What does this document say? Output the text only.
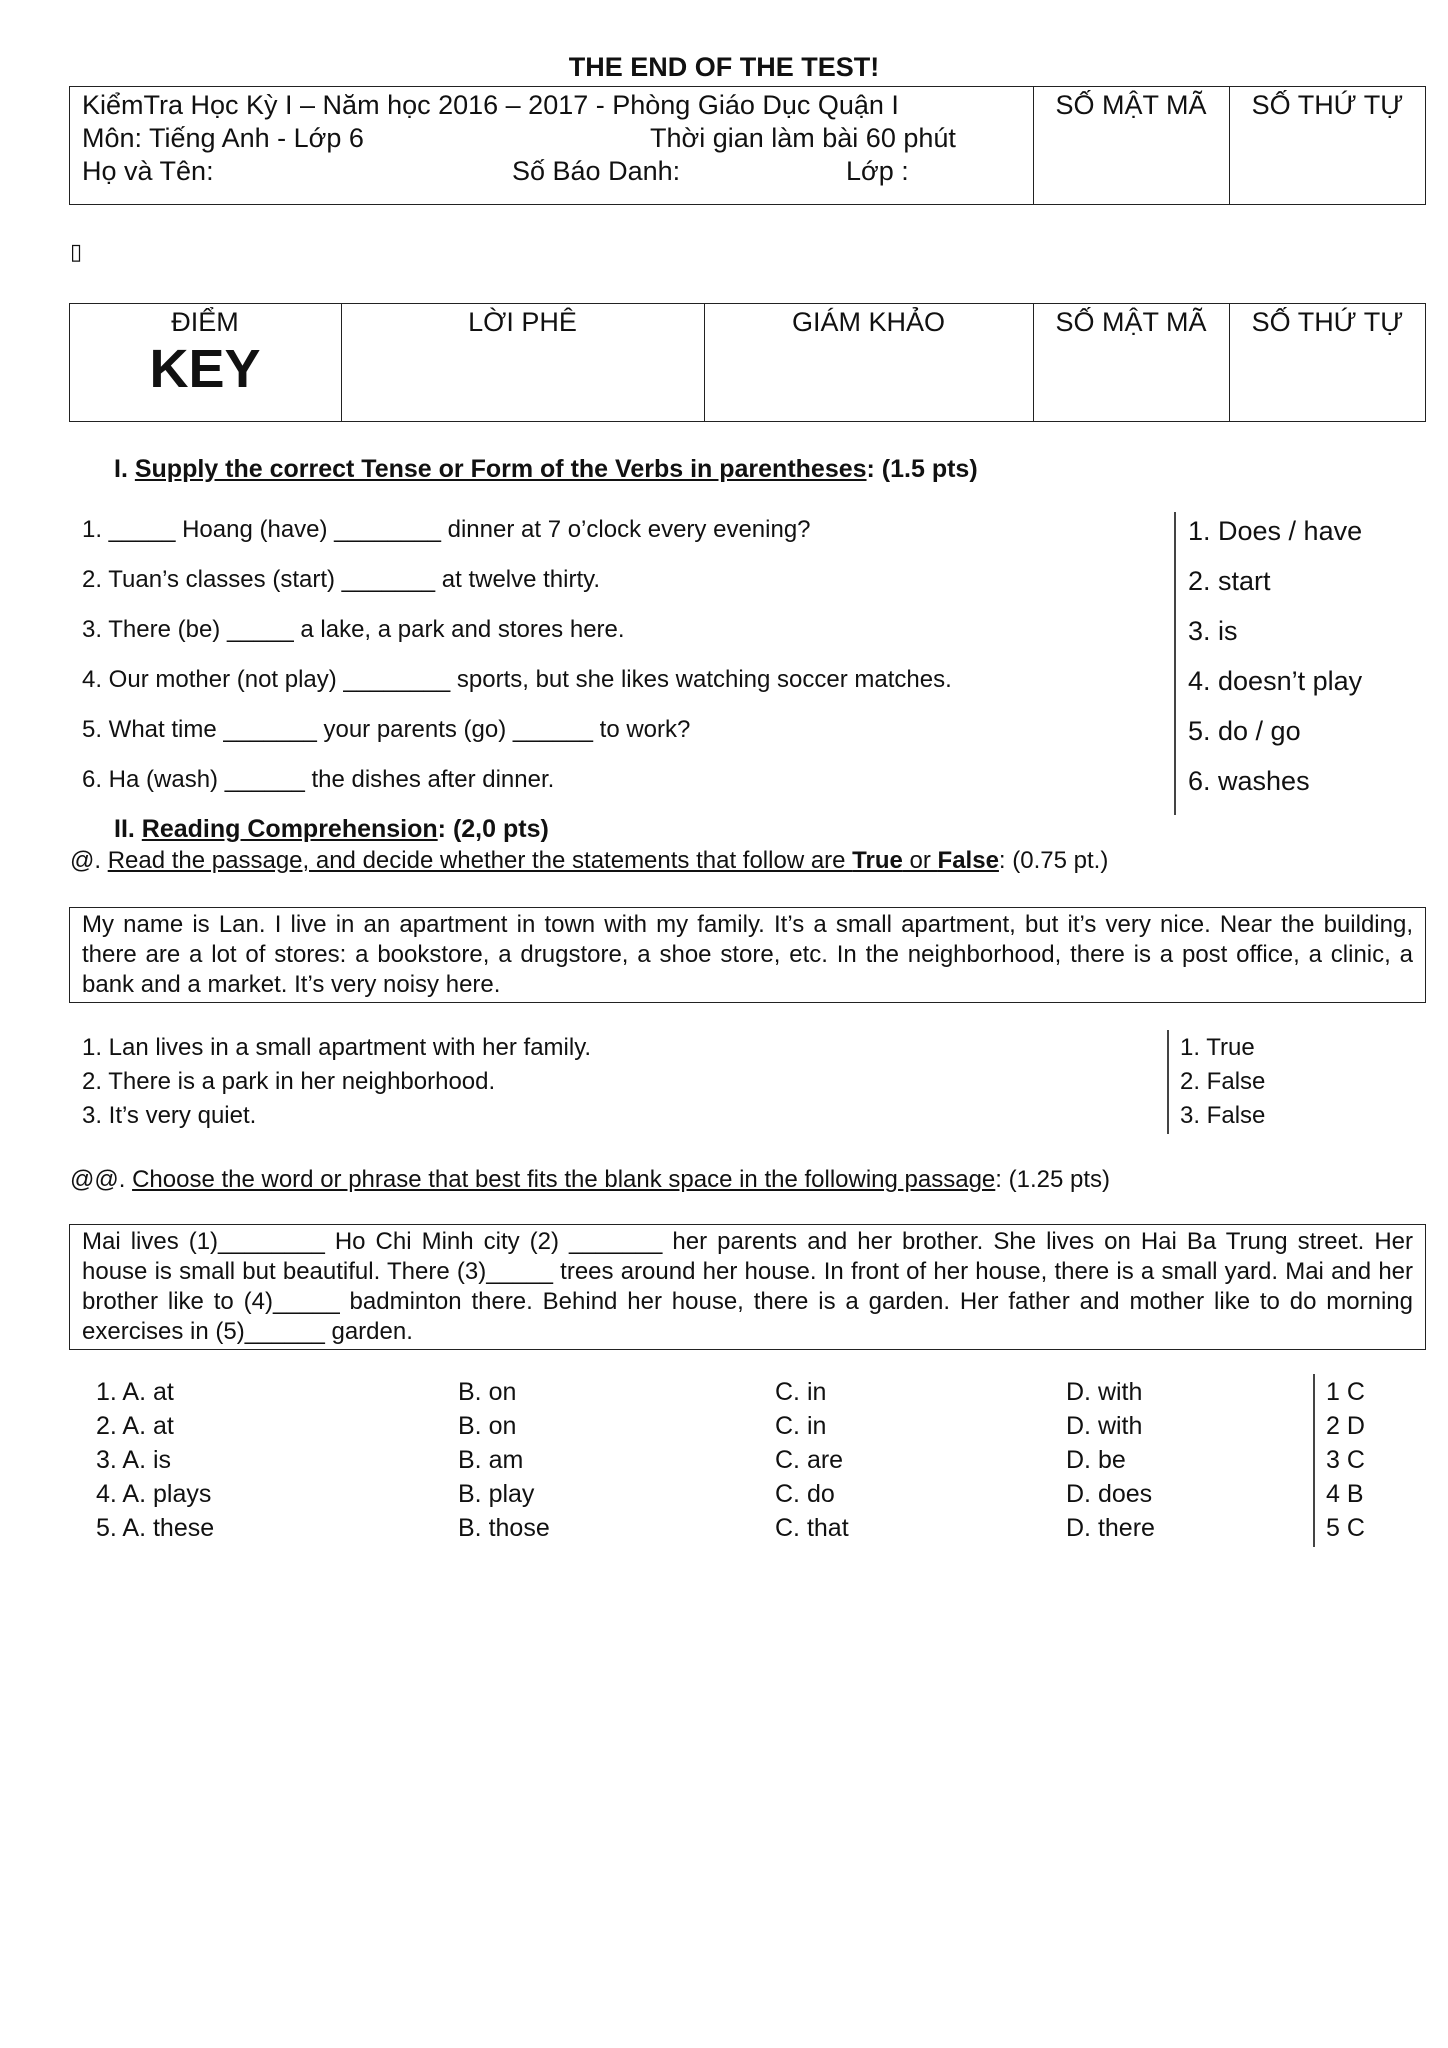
THE END OF THE TEST!
KiểmTra Học Kỳ I – Năm học 2016 – 2017 - Phòng Giáo Dục Quận I
Môn: Tiếng Anh - Lớp 6	Thời gian làm bài 60 phút
Họ và Tên:	Số Báo Danh:	Lớp :
SỐ MẬT MÃ	SỐ THỨ TỰ
▯
ĐIỂM
KEY
LỜI PHÊ	GIÁM KHẢO	SỐ MẬT MÃ	SỐ THỨ TỰ
I. Supply the correct Tense or Form of the Verbs in parentheses: (1.5 pts)
1. _____ Hoang (have) ________ dinner at 7 o’clock every evening?
2. Tuan’s classes (start) _______ at twelve thirty.
3. There (be) _____ a lake, a park and stores here.
4. Our mother (not play) ________ sports, but she likes watching soccer matches.
5. What time _______ your parents (go) ______ to work?
6. Ha (wash) ______ the dishes after dinner.
1. Does / have
2. start
3. is
4. doesn’t play
5. do / go
6. washes
II. Reading Comprehension: (2,0 pts)
@. Read the passage, and decide whether the statements that follow are True or False: (0.75 pt.)
My name is Lan. I live in an apartment in town with my family. It’s a small apartment, but it’s very nice. Near the building, there are a lot of stores: a bookstore, a drugstore, a shoe store, etc. In the neighborhood, there is a post office, a clinic, a bank and a market. It’s very noisy here.
1. Lan lives in a small apartment with her family.
2. There is a park in her neighborhood.
3. It’s very quiet.
1. True
2. False
3. False
@@. Choose the word or phrase that best fits the blank space in the following passage: (1.25 pts)
Mai lives (1)________ Ho Chi Minh city (2) _______ her parents and her brother. She lives on Hai Ba Trung street. Her house is small but beautiful. There (3)_____ trees around her house. In front of her house, there is a small yard. Mai and her brother like to (4)_____ badminton there. Behind her house, there is a garden. Her father and mother like to do morning exercises in (5)______ garden.
1. A. at	B. on	C. in	D. with	1 C
2. A. at	B. on	C. in	D. with	2 D
3. A. is	B. am	C. are	D. be	3 C
4. A. plays	B. play	C. do	D. does	4 B
5. A. these	B. those	C. that	D. there	5 C
